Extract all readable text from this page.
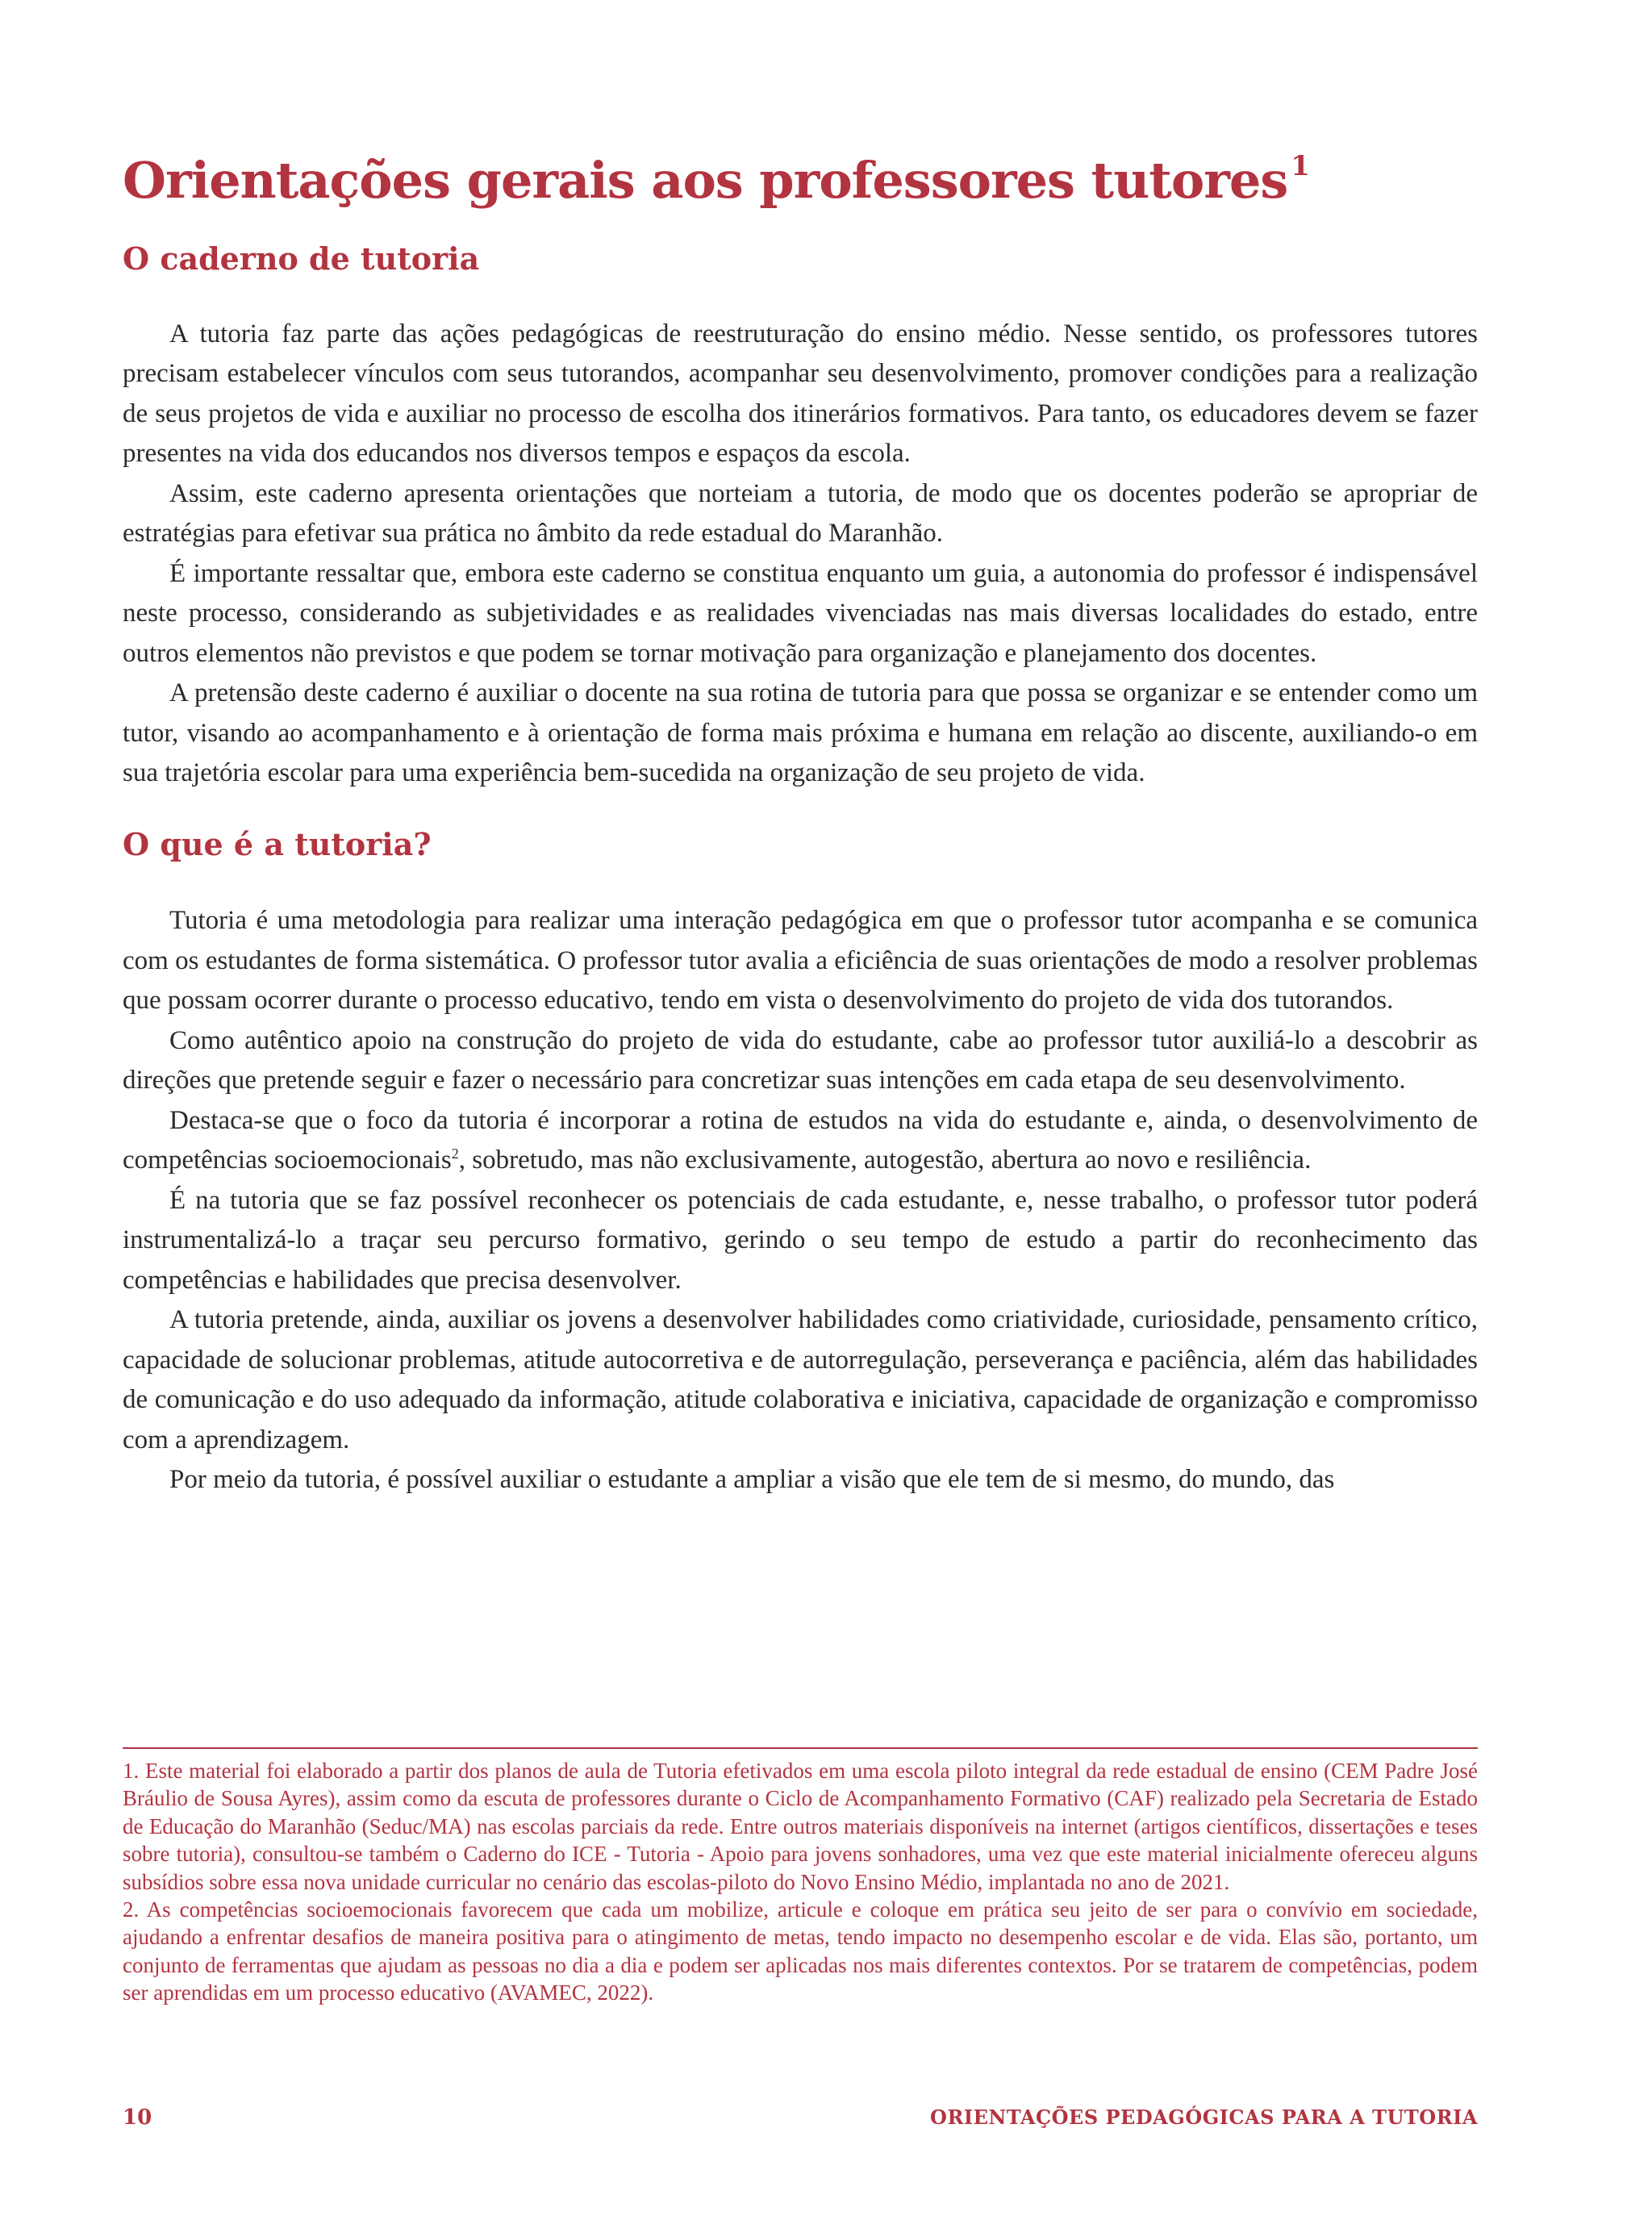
Orientações gerais aos professores tutores $^1$
O caderno de tutoria

A tutoria faz parte das ações pedagógicas de reestruturação do ensino médio. Nesse sentido, os professores tutores precisam estabelecer vínculos com seus tutorandos, acompanhar seu desenvolvimento, promover condições para a realização de seus projetos de vida e auxiliar no processo de escolha dos itinerários formativos. Para tanto, os educadores devem se fazer presentes na vida dos educandos nos diversos tempos e espaços da escola.

Assim, este caderno apresenta orientações que norteiam a tutoria, de modo que os docentes poderão se apropriar de estratégias para efetivar sua prática no âmbito da rede estadual do Maranhão.

É importante ressaltar que, embora este caderno se constitua enquanto um guia, a autonomia do professor é indispensável neste processo, considerando as subjetividades e as realidades vivenciadas nas mais diversas localidades do estado, entre outros elementos não previstos e que podem se tornar motivação para organização e planejamento dos docentes.

A pretensão deste caderno é auxiliar o docente na sua rotina de tutoria para que possa se organizar e se entender como um tutor, visando ao acompanhamento e à orientação de forma mais próxima e humana em relação ao discente, auxiliando-o em sua trajetória escolar para uma experiência bem-sucedida na organização de seu projeto de vida.

O que é a tutoria?

Tutoria é uma metodologia para realizar uma interação pedagógica em que o professor tutor acompanha e se comunica com os estudantes de forma sistemática. O professor tutor avalia a eficiência de suas orientações de modo a resolver problemas que possam ocorrer durante o processo educativo, tendo em vista o desenvolvimento do projeto de vida dos tutorandos.

Como autêntico apoio na construção do projeto de vida do estudante, cabe ao professor tutor auxiliá-lo a descobrir as direções que pretende seguir e fazer o necessário para concretizar suas intenções em cada etapa de seu desenvolvimento.

Destaca-se que o foco da tutoria é incorporar a rotina de estudos na vida do estudante e, ainda, o desenvolvimento de competências socioemocionais$^2$, sobretudo, mas não exclusivamente, autogestão, abertura ao novo e resiliência.

É na tutoria que se faz possível reconhecer os potenciais de cada estudante, e, nesse trabalho, o professor tutor poderá instrumentalizá-lo a traçar seu percurso formativo, gerindo o seu tempo de estudo a partir do reconhecimento das competências e habilidades que precisa desenvolver.

A tutoria pretende, ainda, auxiliar os jovens a desenvolver habilidades como criatividade, curiosidade, pensamento crítico, capacidade de solucionar problemas, atitude autocorretiva e de autorregulação, perseverança e paciência, além das habilidades de comunicação e do uso adequado da informação, atitude colaborativa e iniciativa, capacidade de organização e compromisso com a aprendizagem.

Por meio da tutoria, é possível auxiliar o estudante a ampliar a visão que ele tem de si mesmo, do mundo, das

1. Este material foi elaborado a partir dos planos de aula de Tutoria efetivados em uma escola piloto integral da rede estadual de ensino (CEM Padre José Bráulio de Sousa Ayres), assim como da escuta de professores durante o Ciclo de Acompanhamento Formativo (CAF) realizado pela Secretaria de Estado de Educação do Maranhão (Seduc/MA) nas escolas parciais da rede. Entre outros materiais disponíveis na internet (artigos científicos, dissertações e teses sobre tutoria), consultou-se também o Caderno do ICE - Tutoria - Apoio para jovens sonhadores, uma vez que este material inicialmente ofereceu alguns subsídios sobre essa nova unidade curricular no cenário das escolas-piloto do Novo Ensino Médio, implantada no ano de 2021.

2. As competências socioemocionais favorecem que cada um mobilize, articule e coloque em prática seu jeito de ser para o convívio em sociedade, ajudando a enfrentar desafios de maneira positiva para o atingimento de metas, tendo impacto no desempenho escolar e de vida. Elas são, portanto, um conjunto de ferramentas que ajudam as pessoas no dia a dia e podem ser aplicadas nos mais diferentes contextos. Por se tratarem de competências, podem ser aprendidas em um processo educativo (AVAMEC, 2022).

10	ORIENTAÇÕES PEDAGÓGICAS PARA A TUTORIA
